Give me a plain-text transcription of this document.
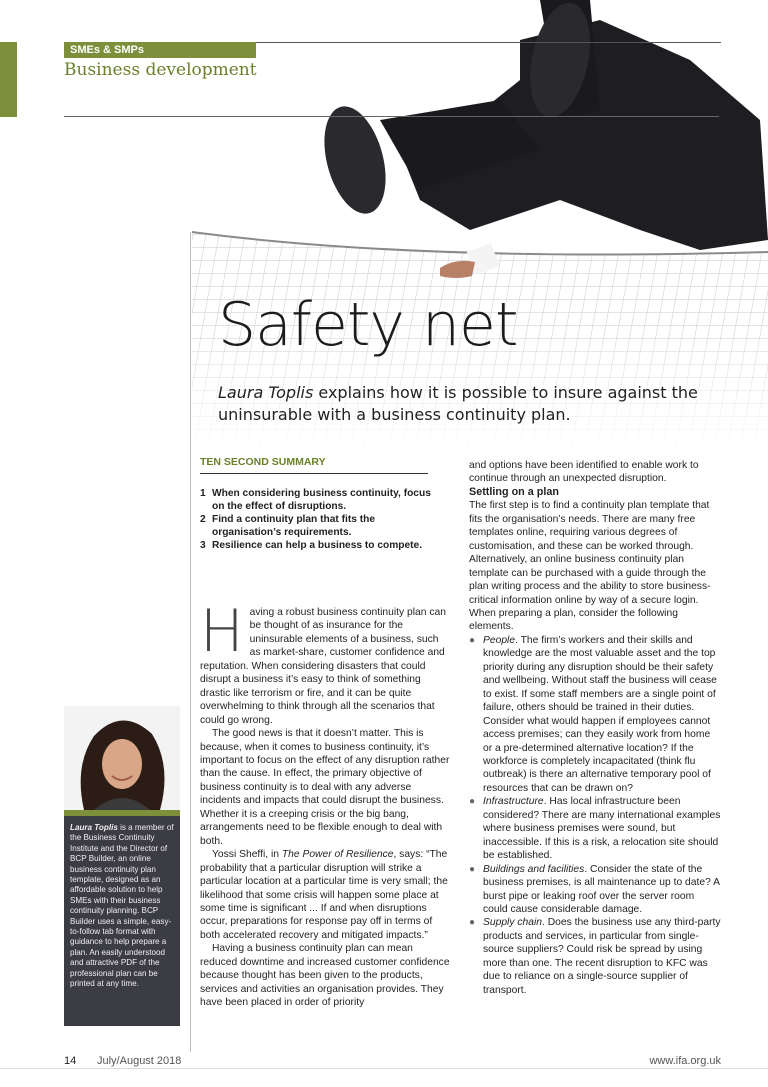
SMEs & SMPs
Business development
Safety net

Laura Toplis explains how it is possible to insure against the uninsurable with a business continuity plan.

TEN SECOND SUMMARY
1 When considering business continuity, focus on the effect of disruptions.
2 Find a continuity plan that fits the organisation’s requirements.
3 Resilience can help a business to compete.

Having a robust business continuity plan can be thought of as insurance for the uninsurable elements of a business, such as market-share, customer confidence and reputation. When considering disasters that could disrupt a business it’s easy to think of something drastic like terrorism or fire, and it can be quite overwhelming to think through all the scenarios that could go wrong.

The good news is that it doesn’t matter. This is because, when it comes to business continuity, it’s important to focus on the effect of any disruption rather than the cause. In effect, the primary objective of business continuity is to deal with any adverse incidents and impacts that could disrupt the business. Whether it is a creeping crisis or the big bang, arrangements need to be flexible enough to deal with both.

Yossi Sheffi, in The Power of Resilience, says: “The probability that a particular disruption will strike a particular location at a particular time is very small; the likelihood that some crisis will happen some place at some time is significant ... If and when disruptions occur, preparations for response pay off in terms of both accelerated recovery and mitigated impacts.”

Having a business continuity plan can mean reduced downtime and increased customer confidence because thought has been given to the products, services and activities an organisation provides. They have been placed in order of priority

and options have been identified to enable work to continue through an unexpected disruption.

Settling on a plan

The first step is to find a continuity plan template that fits the organisation’s needs. There are many free templates online, requiring various degrees of customisation, and these can be worked through. Alternatively, an online business continuity plan template can be purchased with a guide through the plan writing process and the ability to store business-critical information online by way of a secure login. When preparing a plan, consider the following elements.

● People. The firm’s workers and their skills and knowledge are the most valuable asset and the top priority during any disruption should be their safety and wellbeing. Without staff the business will cease to exist. If some staff members are a single point of failure, others should be trained in their duties. Consider what would happen if employees cannot access premises; can they easily work from home or a pre-determined alternative location? If the workforce is completely incapacitated (think flu outbreak) is there an alternative temporary pool of resources that can be drawn on?
● Infrastructure. Has local infrastructure been considered? There are many international examples where business premises were sound, but inaccessible. If this is a risk, a relocation site should be established.
● Buildings and facilities. Consider the state of the business premises, is all maintenance up to date? A burst pipe or leaking roof over the server room could cause considerable damage.
● Supply chain. Does the business use any third-party products and services, in particular from single-source suppliers? Could risk be spread by using more than one. The recent disruption to KFC was due to reliance on a single-source supplier of transport.
Laura Toplis is a member of the Business Continuity Institute and the Director of BCP Builder, an online business continuity plan template, designed as an affordable solution to help SMEs with their business continuity planning. BCP Builder uses a simple, easy-to-follow tab format with guidance to help prepare a plan. An easily understood and attractive PDF of the professional plan can be printed at any time.
14 July/August 2018	www.ifa.org.uk
